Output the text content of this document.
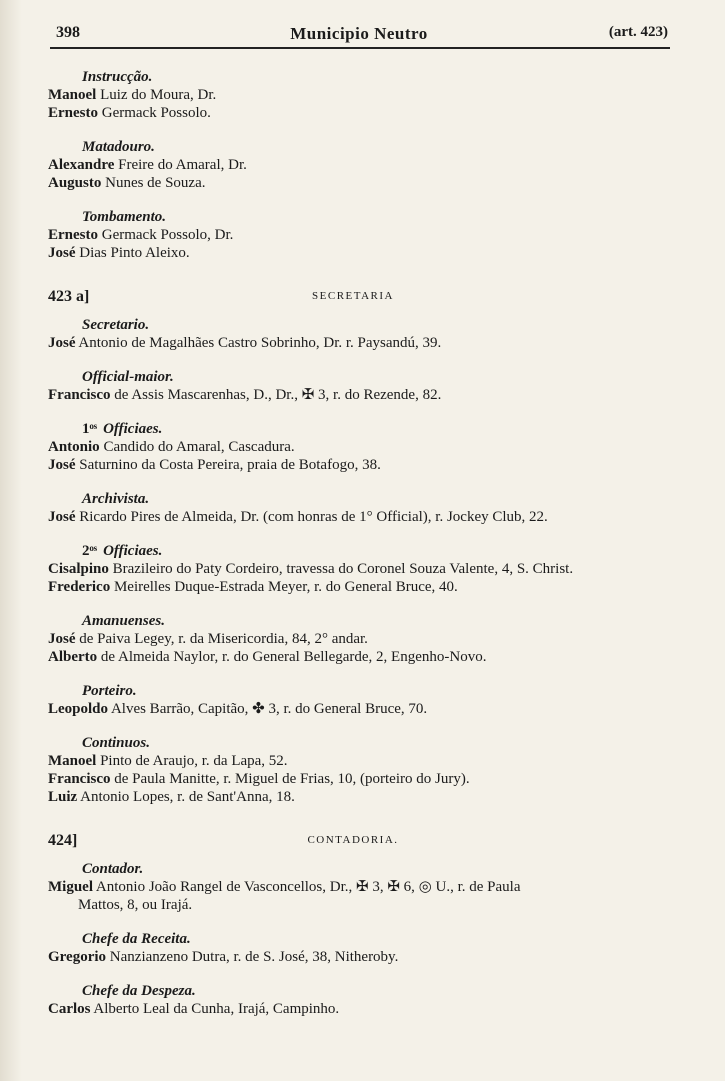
398	Municipio Neutro	(art. 423)
Instrucção.
Manoel Luiz do Moura, Dr.
Ernesto Germack Possolo.
Matadouro.
Alexandre Freire do Amaral, Dr.
Augusto Nunes de Souza.
Tombamento.
Ernesto Germack Possolo, Dr.
José Dias Pinto Aleixo.
423 a]	SECRETARIA
Secretario.
José Antonio de Magalhães Castro Sobrinho, Dr. r. Paysandú, 39.
Official-maior.
Francisco de Assis Mascarenhas, D., Dr., ✠ 3, r. do Rezende, 82.
1ᵒˢ Officiaes.
Antonio Candido do Amaral, Cascadura.
José Saturnino da Costa Pereira, praia de Botafogo, 38.
Archivista.
José Ricardo Pires de Almeida, Dr. (com honras de 1° Official), r. Jockey Club, 22.
2ᵒˢ Officiaes.
Cisalpino Brazileiro do Paty Cordeiro, travessa do Coronel Souza Valente, 4, S. Christ.
Frederico Meirelles Duque-Estrada Meyer, r. do General Bruce, 40.
Amanuenses.
José de Paiva Legey, r. da Misericordia, 84, 2° andar.
Alberto de Almeida Naylor, r. do General Bellegarde, 2, Engenho-Novo.
Porteiro.
Leopoldo Alves Barrão, Capitão, ✤ 3, r. do General Bruce, 70.
Continuos.
Manoel Pinto de Araujo, r. da Lapa, 52.
Francisco de Paula Manitte, r. Miguel de Frias, 10, (porteiro do Jury).
Luiz Antonio Lopes, r. de Sant'Anna, 18.
424]	CONTADORIA.
Contador.
Miguel Antonio João Rangel de Vasconcellos, Dr., ✠ 3, ✠ 6, ◎ U., r. de Paula
Mattos, 8, ou Irajá.
Chefe da Receita.
Gregorio Nanzianzeno Dutra, r. de S. José, 38, Nitheroby.
Chefe da Despeza.
Carlos Alberto Leal da Cunha, Irajá, Campinho.
